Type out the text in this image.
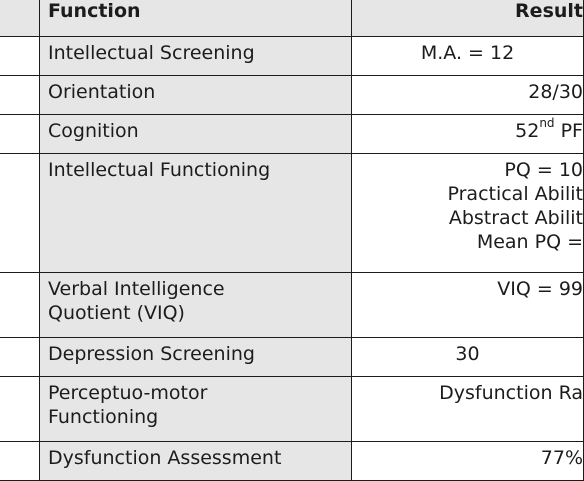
	Function	Result
	Intellectual Screening	M.A. = 12

	Orientation	28/30

	Cognition	52nd PF
	Intellectual Functioning	PQ = 10
Practical Abilit
Abstract Abilit
Mean PQ =

	Verbal Intelligence
Quotient (VIQ)	VIQ = 99

	Depression Screening	30

	Perceptuo-motor
Functioning	Dysfunction Ra

	Dysfunction Assessment	77%
